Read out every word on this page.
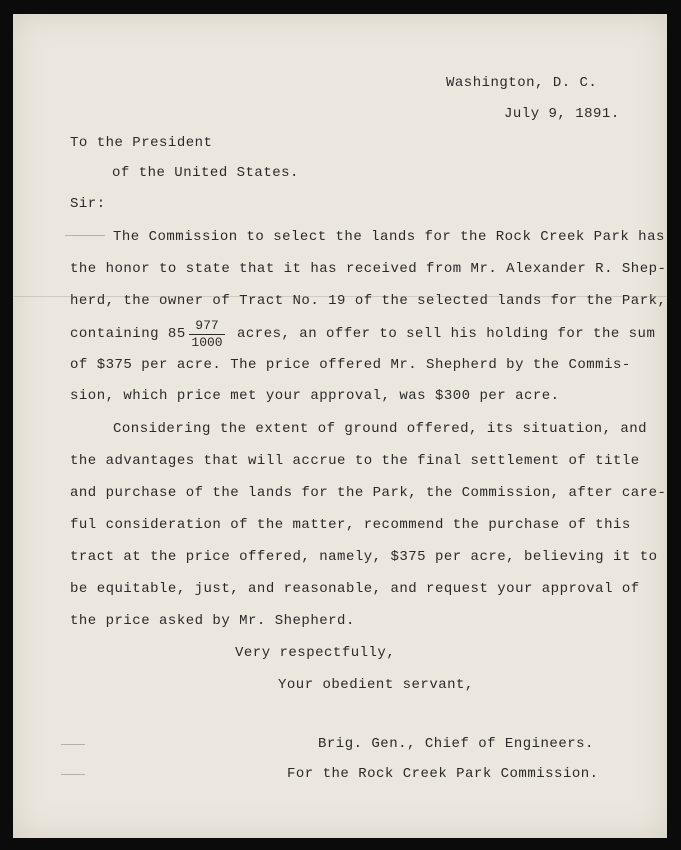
Washington, D. C.
July 9, 1891.
To the President
of the United States.
Sir:
The Commission to select the lands for the Rock Creek Park has
the honor to state that it has received from Mr. Alexander R. Shep-
herd, the owner of Tract No. 19 of the selected lands for the Park,
containing 85
977
1000
acres, an offer to sell his holding for the sum
of $375 per acre. The price offered Mr. Shepherd by the Commis-
sion, which price met your approval, was $300 per acre.
Considering the extent of ground offered, its situation, and
the advantages that will accrue to the final settlement of title
and purchase of the lands for the Park, the Commission, after care-
ful consideration of the matter, recommend the purchase of this
tract at the price offered, namely, $375 per acre, believing it to
be equitable, just, and reasonable, and request your approval of
the price asked by Mr. Shepherd.
Very respectfully,
Your obedient servant,
Brig. Gen., Chief of Engineers.
For the Rock Creek Park Commission.
